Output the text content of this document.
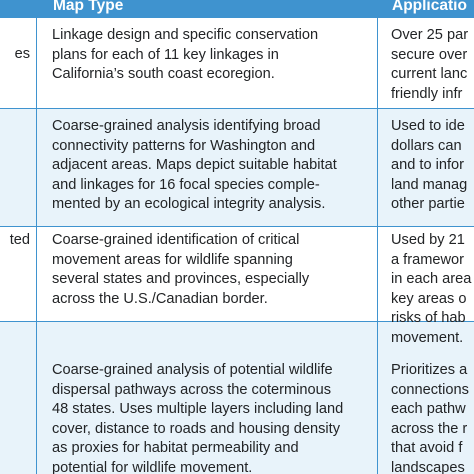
Map Type	Applicatio
es
Linkage design and specific conservation
plans for each of 11 key linkages in
California’s south coast ecoregion.
Over 25 par
secure over
current lanc
friendly infr
Coarse-grained analysis identifying broad
connectivity patterns for Washington and
adjacent areas. Maps depict suitable habitat
and linkages for 16 focal species comple-
mented by an ecological integrity analysis.
Used to ide
dollars can
and to infor
land manag
other partie
ted Coarse-grained identification of critical
movement areas for wildlife spanning
several states and provinces, especially
across the U.S./Canadian border.
Used by 21
a framewor
in each area
key areas o
risks of hab
movement.
Coarse-grained analysis of potential wildlife
dispersal pathways across the coterminous
48 states. Uses multiple layers including land
cover, distance to roads and housing density
as proxies for habitat permeability and
potential for wildlife movement.
Prioritizes a
connections
each pathw
across the r
that avoid f
landscapes
